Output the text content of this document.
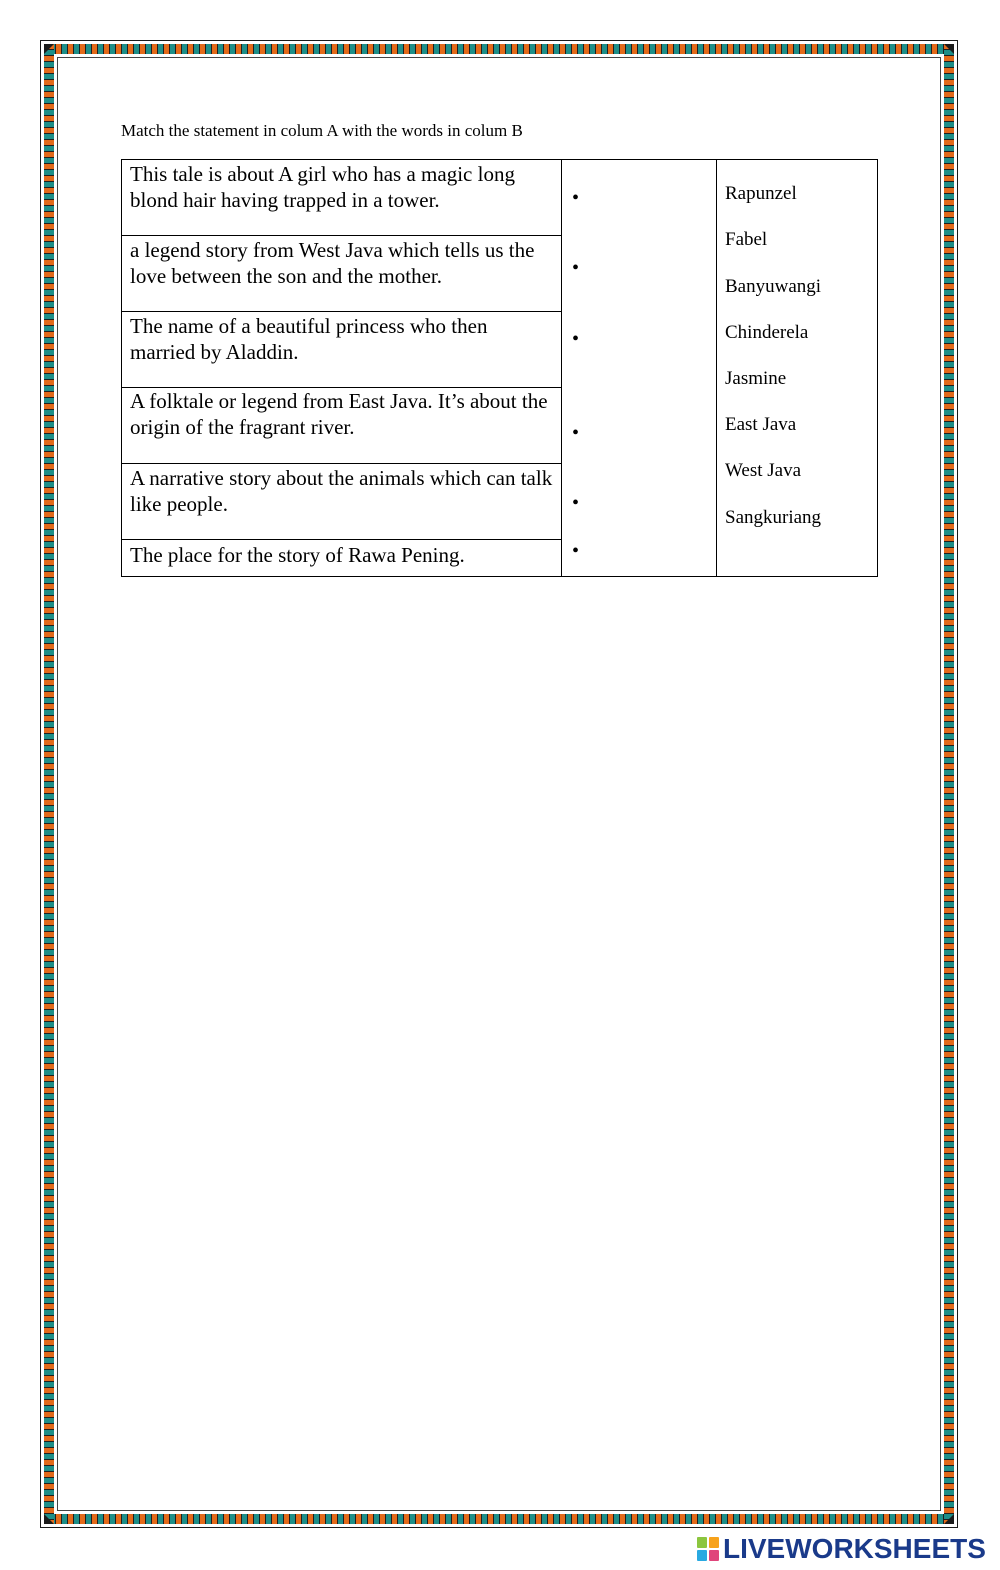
Match the statement in colum A with the words in colum B
This tale is about A girl who has a magic long blond hair having trapped in a tower.
a legend story from West Java which tells us the love between the son and the mother.
The name of a beautiful princess who then married by Aladdin.
A folktale or legend from East Java. It’s about the origin of the fragrant river.
A narrative story about the animals which can talk like people.
The place for the story of Rawa Pening.
•
•
•
•
•
•
Rapunzel
Fabel
Banyuwangi
Chinderela
Jasmine
East Java
West Java
Sangkuriang
LIVEWORKSHEETS
